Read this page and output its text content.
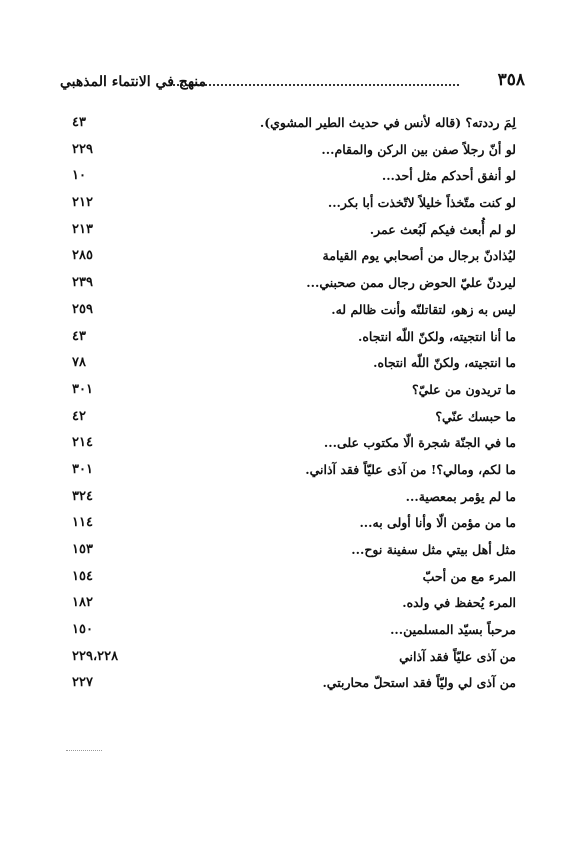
٣٥٨
منهج في الانتماء المذهبي
لِمَ رددته؟ (قاله لأنس في حديث الطير المشوي).
٤٣
لو أنّ رجلاً صفن بين الركن والمقام...
٢٢٩
لو أنفق أحدكم مثل أحد...
١٠
لو كنت متّخذاً خليلاً لاتّخذت أبا بكر...
٢١٢
لو لم أُبعث فيكم لَبُعث عمر.
٢١٣
ليُذادنّ برجال من أصحابي يوم القيامة
٢٨٥
ليردنّ عليّ الحوض رجال ممن صحبني...
٢٣٩
ليس به زهو، لتقاتلنّه وأنت ظالم له.
٢٥٩
ما أنا انتجيته، ولكنّ اللّه انتجاه.
٤٣
ما انتجيته، ولكنّ اللّه انتجاه.
٧٨
ما تريدون من عليّ؟
٣٠١
ما حبسك عنّي؟
٤٢
ما في الجنّة شجرة الّا مكتوب على...
٢١٤
ما لكم، ومالي؟! من آذى عليّاً فقد آذاني.
٣٠١
ما لم يؤمر بمعصية...
٣٢٤
ما من مؤمن الّا وأنا أولى به...
١١٤
مثل أهل بيتي مثل سفينة نوح...
١٥٣
المرء مع من أحبّ
١٥٤
المرء يُحفظ في ولده.
١٨٢
مرحباً بسيّد المسلمين...
١٥٠
من آذى عليّاً فقد آذاني
٢٢٩،٢٢٨
من آذى لي وليّاً فقد استحلّ محاربتي.
٢٢٧
